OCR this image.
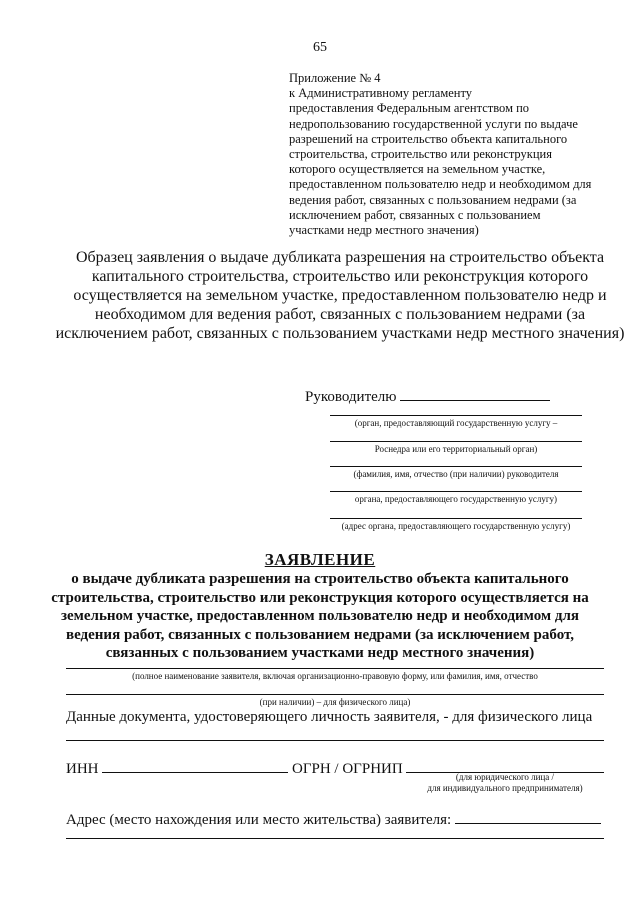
65
Приложение № 4
к Административному регламенту
предоставления Федеральным агентством по
недропользованию государственной услуги по выдаче
разрешений на строительство объекта капитального
строительства, строительство или реконструкция
которого осуществляется на земельном участке,
предоставленном пользователю недр и необходимом для
ведения работ, связанных с пользованием недрами (за
исключением работ, связанных с пользованием
участками недр местного значения)
Образец заявления о выдаче дубликата разрешения на строительство объекта
капитального строительства, строительство или реконструкция которого
осуществляется на земельном участке, предоставленном пользователю недр и
необходимом для ведения работ, связанных с пользованием недрами (за
исключением работ, связанных с пользованием участками недр местного значения)
Руководителю
(орган, предоставляющий государственную услугу –
Роснедра или его территориальный орган)
(фамилия, имя, отчество (при наличии) руководителя
органа, предоставляющего государственную услугу)
(адрес органа, предоставляющего государственную услугу)
ЗАЯВЛЕНИЕ
о выдаче дубликата разрешения на строительство объекта капитального
строительства, строительство или реконструкция которого осуществляется на
земельном участке, предоставленном пользователю недр и необходимом для
ведения работ, связанных с пользованием недрами (за исключением работ,
связанных с пользованием участками недр местного значения)
(полное наименование заявителя, включая организационно-правовую форму, или фамилия, имя, отчество
(при наличии) – для физического лица)
Данные документа, удостоверяющего личность заявителя, - для физического лица
ИНН	ОГРН / ОГРНИП	(для юридического лица /
для индивидуального предпринимателя)
Адрес (место нахождения или место жительства) заявителя:
